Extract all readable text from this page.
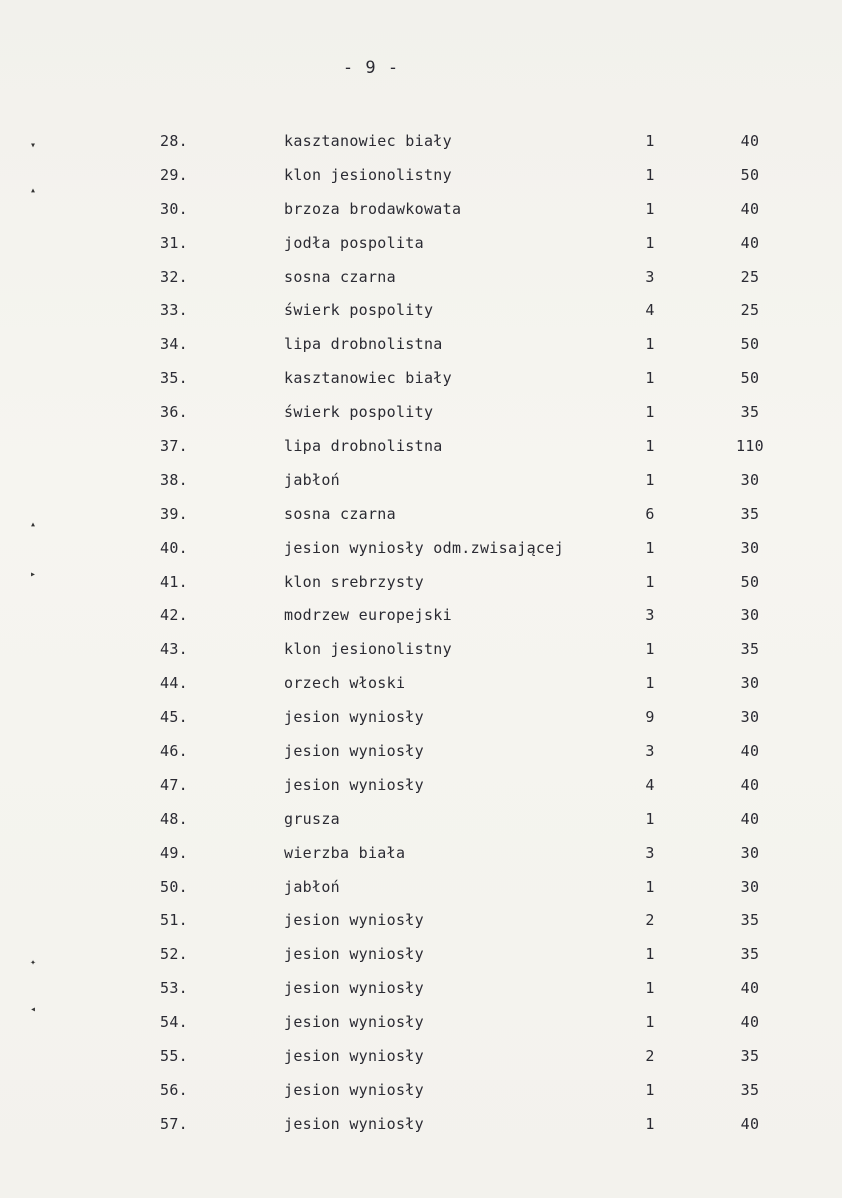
- 9 -
▾
▴
▴
▸
✦
◂
28.	kasztanowiec biały	1	40
29.	klon jesionolistny	1	50
30.	brzoza brodawkowata	1	40
31.	jodła pospolita	1	40
32.	sosna czarna	3	25
33.	świerk pospolity	4	25
34.	lipa drobnolistna	1	50
35.	kasztanowiec biały	1	50
36.	świerk pospolity	1	35
37.	lipa drobnolistna	1	110
38.	jabłoń	1	30
39.	sosna czarna	6	35
40.	jesion wyniosły odm.zwisającej	1	30
41.	klon srebrzysty	1	50
42.	modrzew europejski	3	30
43.	klon jesionolistny	1	35
44.	orzech włoski	1	30
45.	jesion wyniosły	9	30
46.	jesion wyniosły	3	40
47.	jesion wyniosły	4	40
48.	grusza	1	40
49.	wierzba biała	3	30
50.	jabłoń	1	30
51.	jesion wyniosły	2	35
52.	jesion wyniosły	1	35
53.	jesion wyniosły	1	40
54.	jesion wyniosły	1	40
55.	jesion wyniosły	2	35
56.	jesion wyniosły	1	35
57.	jesion wyniosły	1	40
